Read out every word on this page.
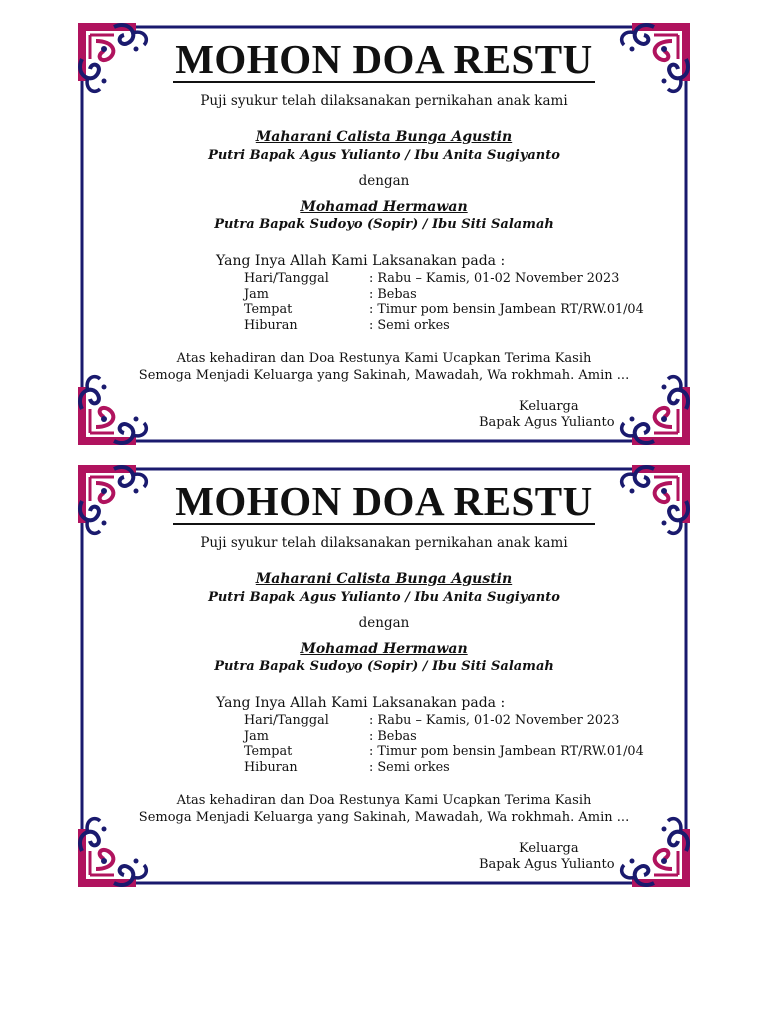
MOHON DOA RESTU
Puji syukur telah dilaksanakan pernikahan anak kami
Maharani Calista Bunga Agustin
Putri Bapak Agus Yulianto / Ibu Anita Sugiyanto
dengan
Mohamad Hermawan
Putra Bapak Sudoyo (Sopir) / Ibu Siti Salamah
Yang Inya Allah Kami Laksanakan pada :
Hari/Tanggal	: Rabu – Kamis, 01-02 November 2023
Jam	: Bebas
Tempat	: Timur pom bensin Jambean RT/RW.01/04
Hiburan	: Semi orkes
Atas kehadiran dan Doa Restunya Kami Ucapkan Terima Kasih
Semoga Menjadi Keluarga yang Sakinah, Mawadah, Wa rokhmah. Amin ...
Keluarga
Bapak Agus Yulianto
MOHON DOA RESTU
Puji syukur telah dilaksanakan pernikahan anak kami
Maharani Calista Bunga Agustin
Putri Bapak Agus Yulianto / Ibu Anita Sugiyanto
dengan
Mohamad Hermawan
Putra Bapak Sudoyo (Sopir) / Ibu Siti Salamah
Yang Inya Allah Kami Laksanakan pada :
Hari/Tanggal	: Rabu – Kamis, 01-02 November 2023
Jam	: Bebas
Tempat	: Timur pom bensin Jambean RT/RW.01/04
Hiburan	: Semi orkes
Atas kehadiran dan Doa Restunya Kami Ucapkan Terima Kasih
Semoga Menjadi Keluarga yang Sakinah, Mawadah, Wa rokhmah. Amin ...
Keluarga
Bapak Agus Yulianto
